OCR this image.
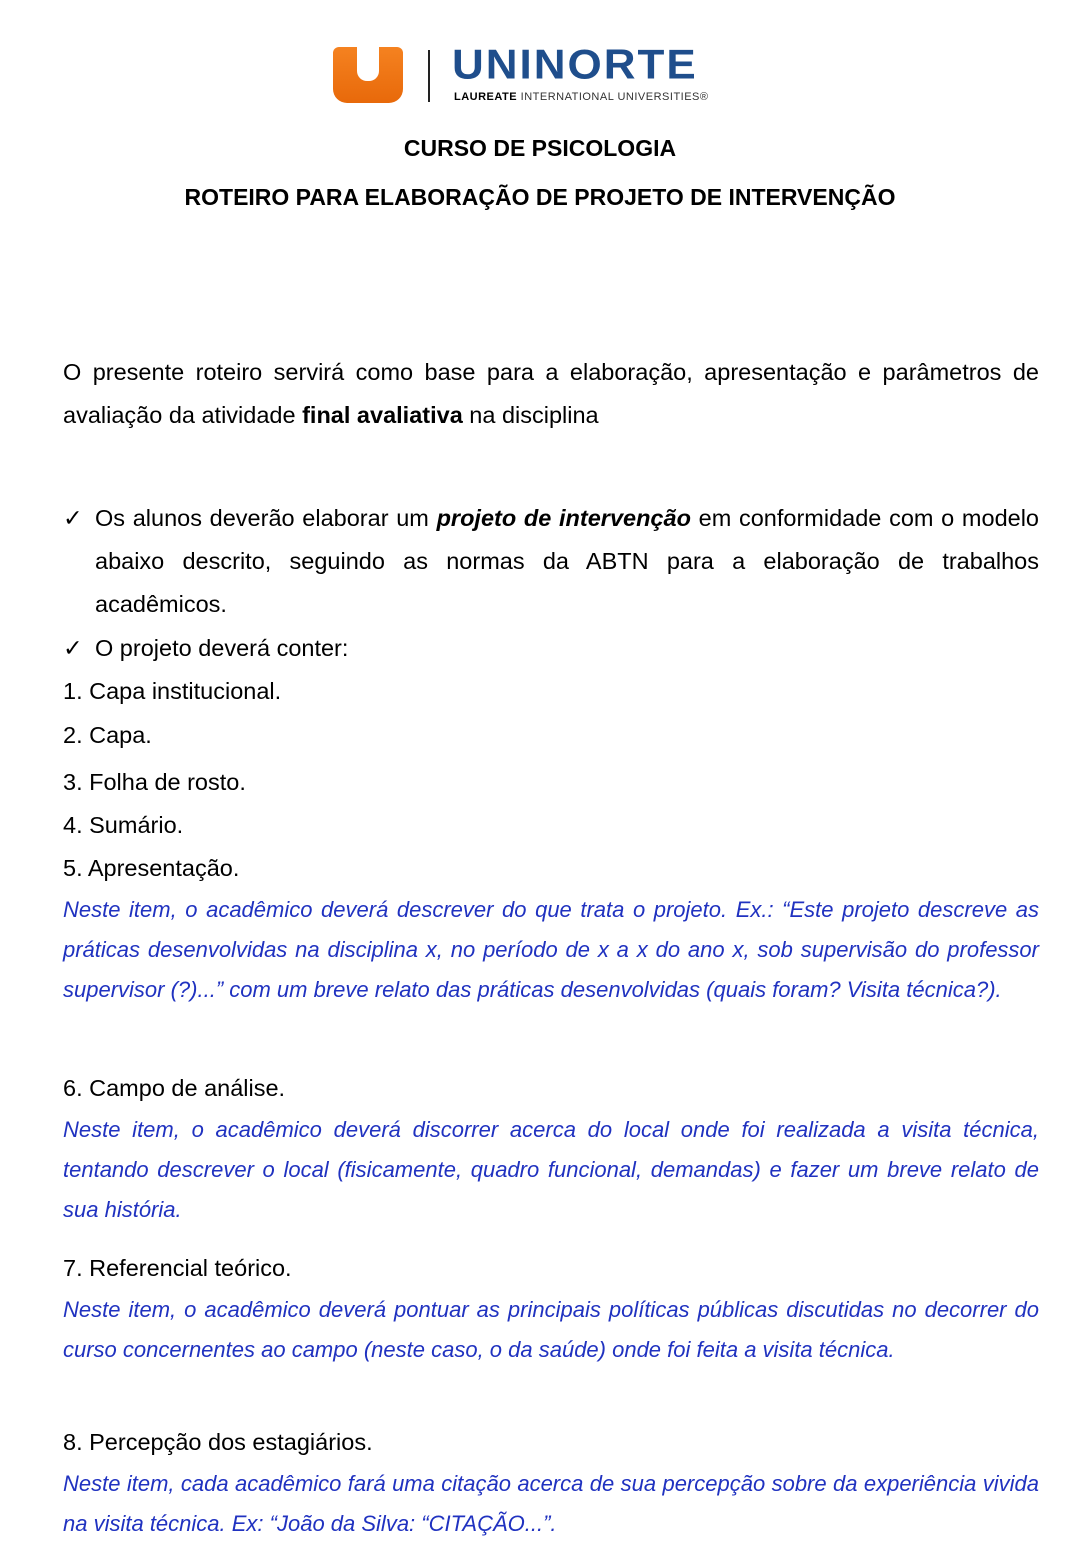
UNINORTE
LAUREATE INTERNATIONAL UNIVERSITIES®
CURSO DE PSICOLOGIA
ROTEIRO PARA ELABORAÇÃO DE PROJETO DE INTERVENÇÃO
O presente roteiro servirá como base para a elaboração, apresentação e parâmetros de avaliação da atividade final avaliativa na disciplina
✓ Os alunos deverão elaborar um projeto de intervenção em conformidade com o modelo abaixo descrito, seguindo as normas da ABTN para a elaboração de trabalhos acadêmicos.
✓ O projeto deverá conter:
1. Capa institucional.
2. Capa.
3. Folha de rosto.
4. Sumário.
5. Apresentação.
Neste item, o acadêmico deverá descrever do que trata o projeto. Ex.: “Este projeto descreve as práticas desenvolvidas na disciplina x, no período de x a x do ano x, sob supervisão do professor supervisor (?)...” com um breve relato das práticas desenvolvidas (quais foram? Visita técnica?).
6. Campo de análise.
Neste item, o acadêmico deverá discorrer acerca do local onde foi realizada a visita técnica, tentando descrever o local (fisicamente, quadro funcional, demandas) e fazer um breve relato de sua história.
7. Referencial teórico.
Neste item, o acadêmico deverá pontuar as principais políticas públicas discutidas no decorrer do curso concernentes ao campo (neste caso, o da saúde) onde foi feita a visita técnica.
8. Percepção dos estagiários.
Neste item, cada acadêmico fará uma citação acerca de sua percepção sobre da experiência vivida na visita técnica. Ex: “João da Silva: “CITAÇÃO...”.
